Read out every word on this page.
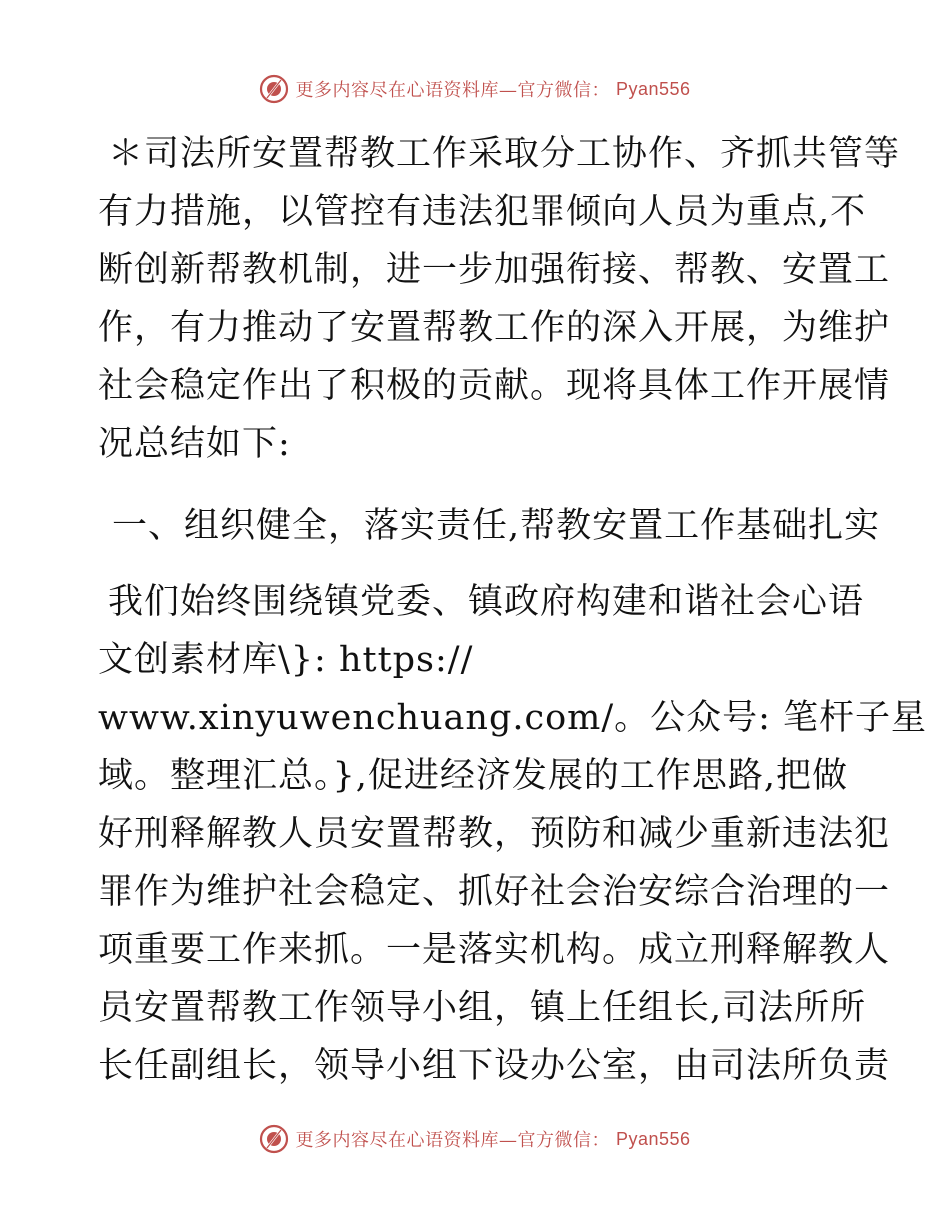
更多内容尽在心语资料库—官方微信： Pyan556
＊司法所安置帮教工作采取分工协作、齐抓共管等
有力措施，以管控有违法犯罪倾向人员为重点,不
断创新帮教机制，进一步加强衔接、帮教、安置工
作，有力推动了安置帮教工作的深入开展，为维护
社会稳定作出了积极的贡献。现将具体工作开展情
况总结如下:
一、组织健全，落实责任,帮教安置工作基础扎实
我们始终围绕镇党委、镇政府构建和谐社会心语
文创素材库\}: https://
www.xinyuwenchuang.com/。公众号: 笔杆子星
域。整理汇总。},促进经济发展的工作思路,把做
好刑释解教人员安置帮教，预防和减少重新违法犯
罪作为维护社会稳定、抓好社会治安综合治理的一
项重要工作来抓。一是落实机构。成立刑释解教人
员安置帮教工作领导小组，镇上任组长,司法所所
长任副组长，领导小组下设办公室，由司法所负责
更多内容尽在心语资料库—官方微信： Pyan556
